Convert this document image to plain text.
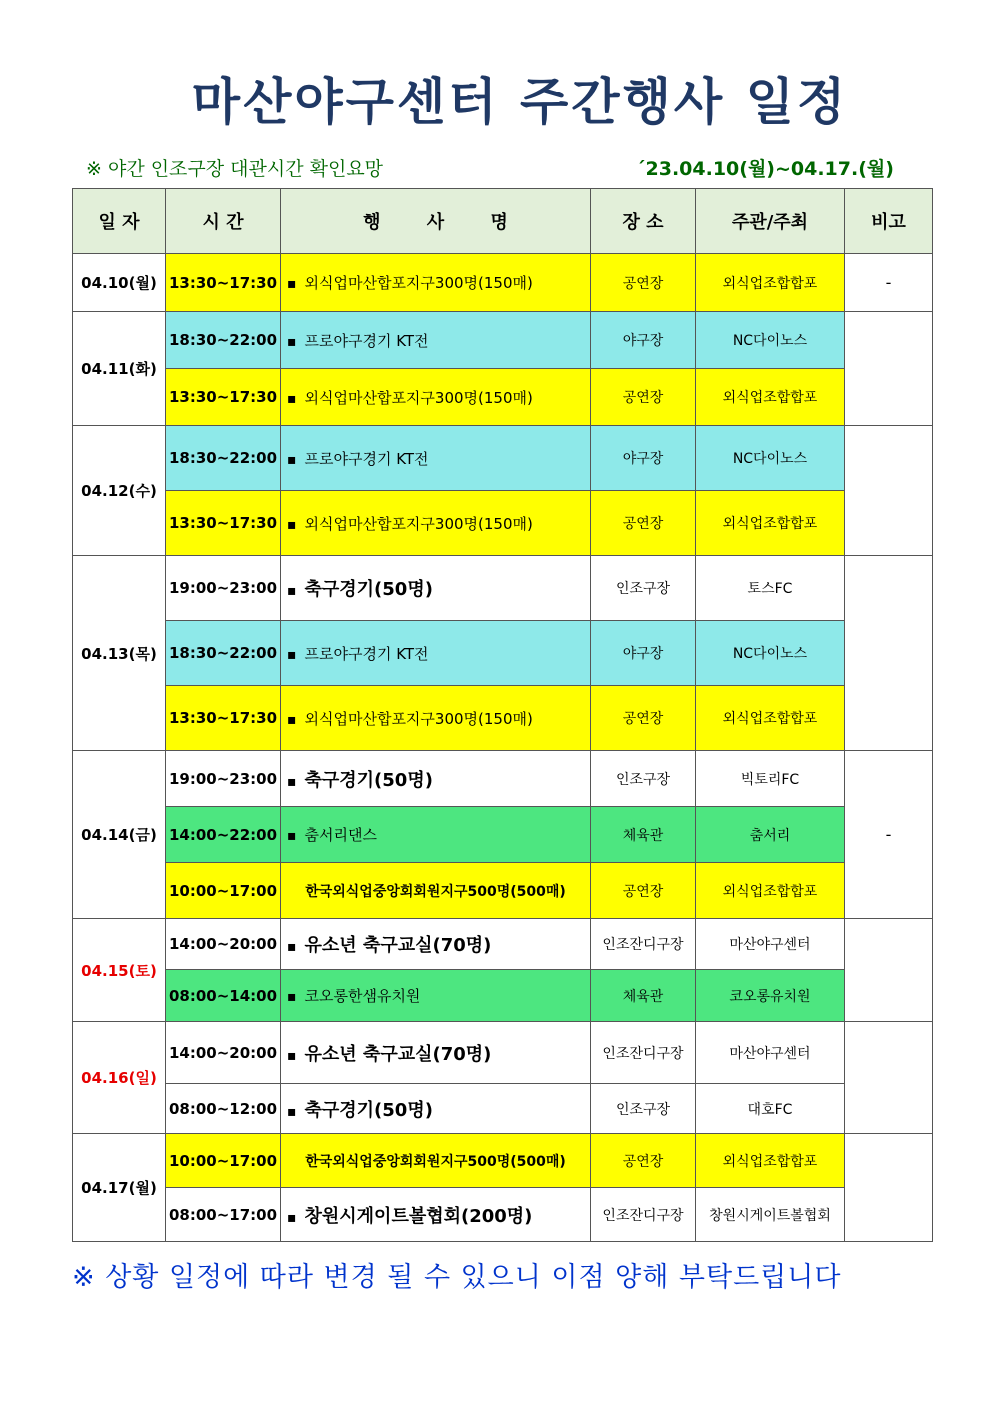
마산야구센터 주간행사 일정
※ 야간 인조구장 대관시간 확인요망	´23.04.10(월)~04.17.(월)
일 자	시 간	행 사 명	장 소	주관/주최	비고
04.10(월)	13:30~17:30	▪ 외식업마산합포지구300명(150매)	공연장	외식업조합합포	-
04.11(화)	18:30~22:00	▪ 프로야구경기 KT전	야구장	NC다이노스	
	13:30~17:30	▪ 외식업마산합포지구300명(150매)	공연장	외식업조합합포	
04.12(수)	18:30~22:00	▪ 프로야구경기 KT전	야구장	NC다이노스	
	13:30~17:30	▪ 외식업마산합포지구300명(150매)	공연장	외식업조합합포	
04.13(목)	19:00~23:00	▪ 축구경기(50명)	인조구장	토스FC	
	18:30~22:00	▪ 프로야구경기 KT전	야구장	NC다이노스	
	13:30~17:30	▪ 외식업마산합포지구300명(150매)	공연장	외식업조합합포	
04.14(금)	19:00~23:00	▪ 축구경기(50명)	인조구장	빅토리FC	-
	14:00~22:00	▪ 춤서리댄스	체육관	춤서리	
	10:00~17:00	한국외식업중앙회회원지구500명(500매)	공연장	외식업조합합포	
04.15(토)	14:00~20:00	▪ 유소년 축구교실(70명)	인조잔디구장	마산야구센터	
	08:00~14:00	▪ 코오롱한샘유치원	체육관	코오롱유치원	
04.16(일)	14:00~20:00	▪ 유소년 축구교실(70명)	인조잔디구장	마산야구센터	
	08:00~12:00	▪ 축구경기(50명)	인조구장	대호FC	
04.17(월)	10:00~17:00	한국외식업중앙회회원지구500명(500매)	공연장	외식업조합합포	
	08:00~17:00	▪ 창원시게이트볼협회(200명)	인조잔디구장	창원시게이트볼협회	
※ 상황 일정에 따라 변경 될 수 있으니 이점 양해 부탁드립니다
